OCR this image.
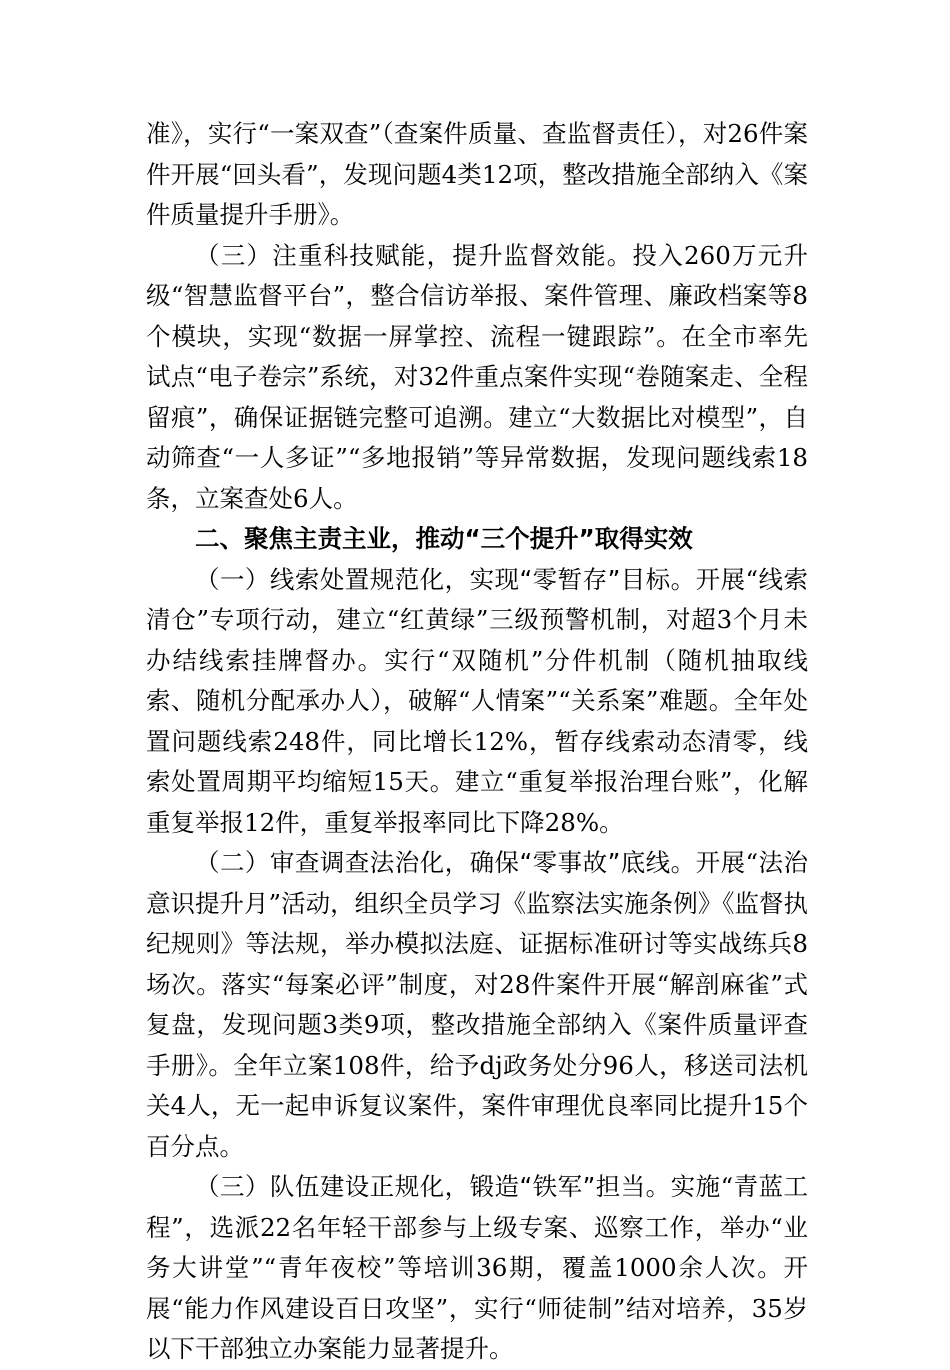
准》，实行“一案双查”（查案件质量、查监督责任），对26件案件开展“回头看”，发现问题4类12项，整改措施全部纳入《案件质量提升手册》。

（三）注重科技赋能，提升监督效能。投入260万元升级“智慧监督平台”，整合信访举报、案件管理、廉政档案等8个模块，实现“数据一屏掌控、流程一键跟踪”。在全市率先试点“电子卷宗”系统，对32件重点案件实现“卷随案走、全程留痕”，确保证据链完整可追溯。建立“大数据比对模型”，自动筛查“一人多证”“多地报销”等异常数据，发现问题线索18条，立案查处6人。

二、聚焦主责主业，推动“三个提升”取得实效

（一）线索处置规范化，实现“零暂存”目标。开展“线索清仓”专项行动，建立“红黄绿”三级预警机制，对超3个月未办结线索挂牌督办。实行“双随机”分件机制（随机抽取线索、随机分配承办人），破解“人情案”“关系案”难题。全年处置问题线索248件，同比增长12%，暂存线索动态清零，线索处置周期平均缩短15天。建立“重复举报治理台账”，化解重复举报12件，重复举报率同比下降28%。

（二）审查调查法治化，确保“零事故”底线。开展“法治意识提升月”活动，组织全员学习《监察法实施条例》《监督执纪规则》等法规，举办模拟法庭、证据标准研讨等实战练兵8场次。落实“每案必评”制度，对28件案件开展“解剖麻雀”式复盘，发现问题3类9项，整改措施全部纳入《案件质量评查手册》。全年立案108件，给予dj政务处分96人，移送司法机关4人，无一起申诉复议案件，案件审理优良率同比提升15个百分点。

（三）队伍建设正规化，锻造“铁军”担当。实施“青蓝工程”，选派22名年轻干部参与上级专案、巡察工作，举办“业务大讲堂”“青年夜校”等培训36期，覆盖1000余人次。开展“能力作风建设百日攻坚”，实行“师徒制”结对培养，35岁以下干部独立办案能力显著提升。
